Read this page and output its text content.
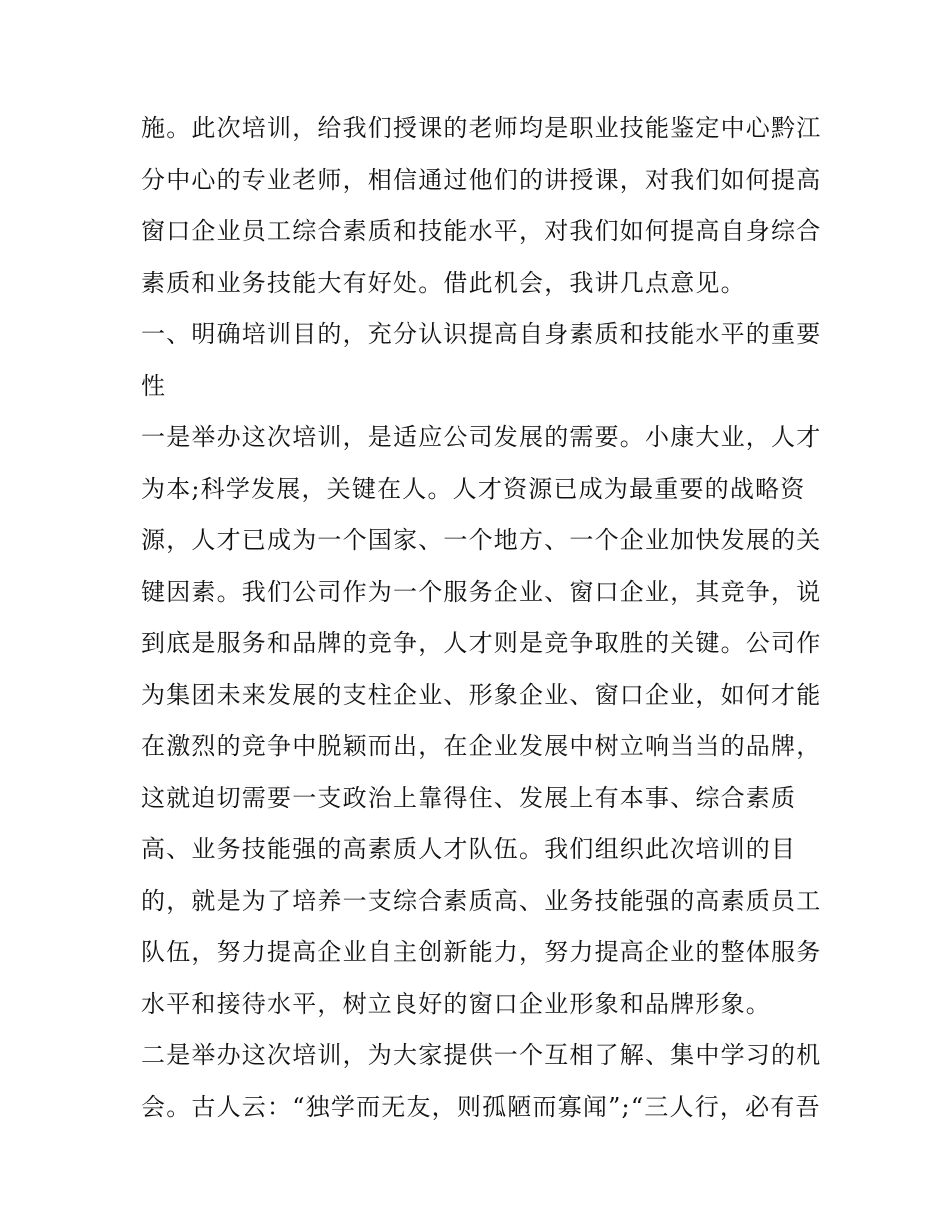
施。此次培训，给我们授课的老师均是职业技能鉴定中心黔江
分中心的专业老师，相信通过他们的讲授课，对我们如何提高
窗口企业员工综合素质和技能水平，对我们如何提高自身综合
素质和业务技能大有好处。借此机会，我讲几点意见。
一、明确培训目的，充分认识提高自身素质和技能水平的重要
性
一是举办这次培训，是适应公司发展的需要。小康大业，人才
为本;科学发展，关键在人。人才资源已成为最重要的战略资
源，人才已成为一个国家、一个地方、一个企业加快发展的关
键因素。我们公司作为一个服务企业、窗口企业，其竞争，说
到底是服务和品牌的竞争，人才则是竞争取胜的关键。公司作
为集团未来发展的支柱企业、形象企业、窗口企业，如何才能
在激烈的竞争中脱颖而出，在企业发展中树立响当当的品牌，
这就迫切需要一支政治上靠得住、发展上有本事、综合素质
高、业务技能强的高素质人才队伍。我们组织此次培训的目
的，就是为了培养一支综合素质高、业务技能强的高素质员工
队伍，努力提高企业自主创新能力，努力提高企业的整体服务
水平和接待水平，树立良好的窗口企业形象和品牌形象。
二是举办这次培训，为大家提供一个互相了解、集中学习的机
会。古人云：“独学而无友，则孤陋而寡闻”;“三人行，必有吾
